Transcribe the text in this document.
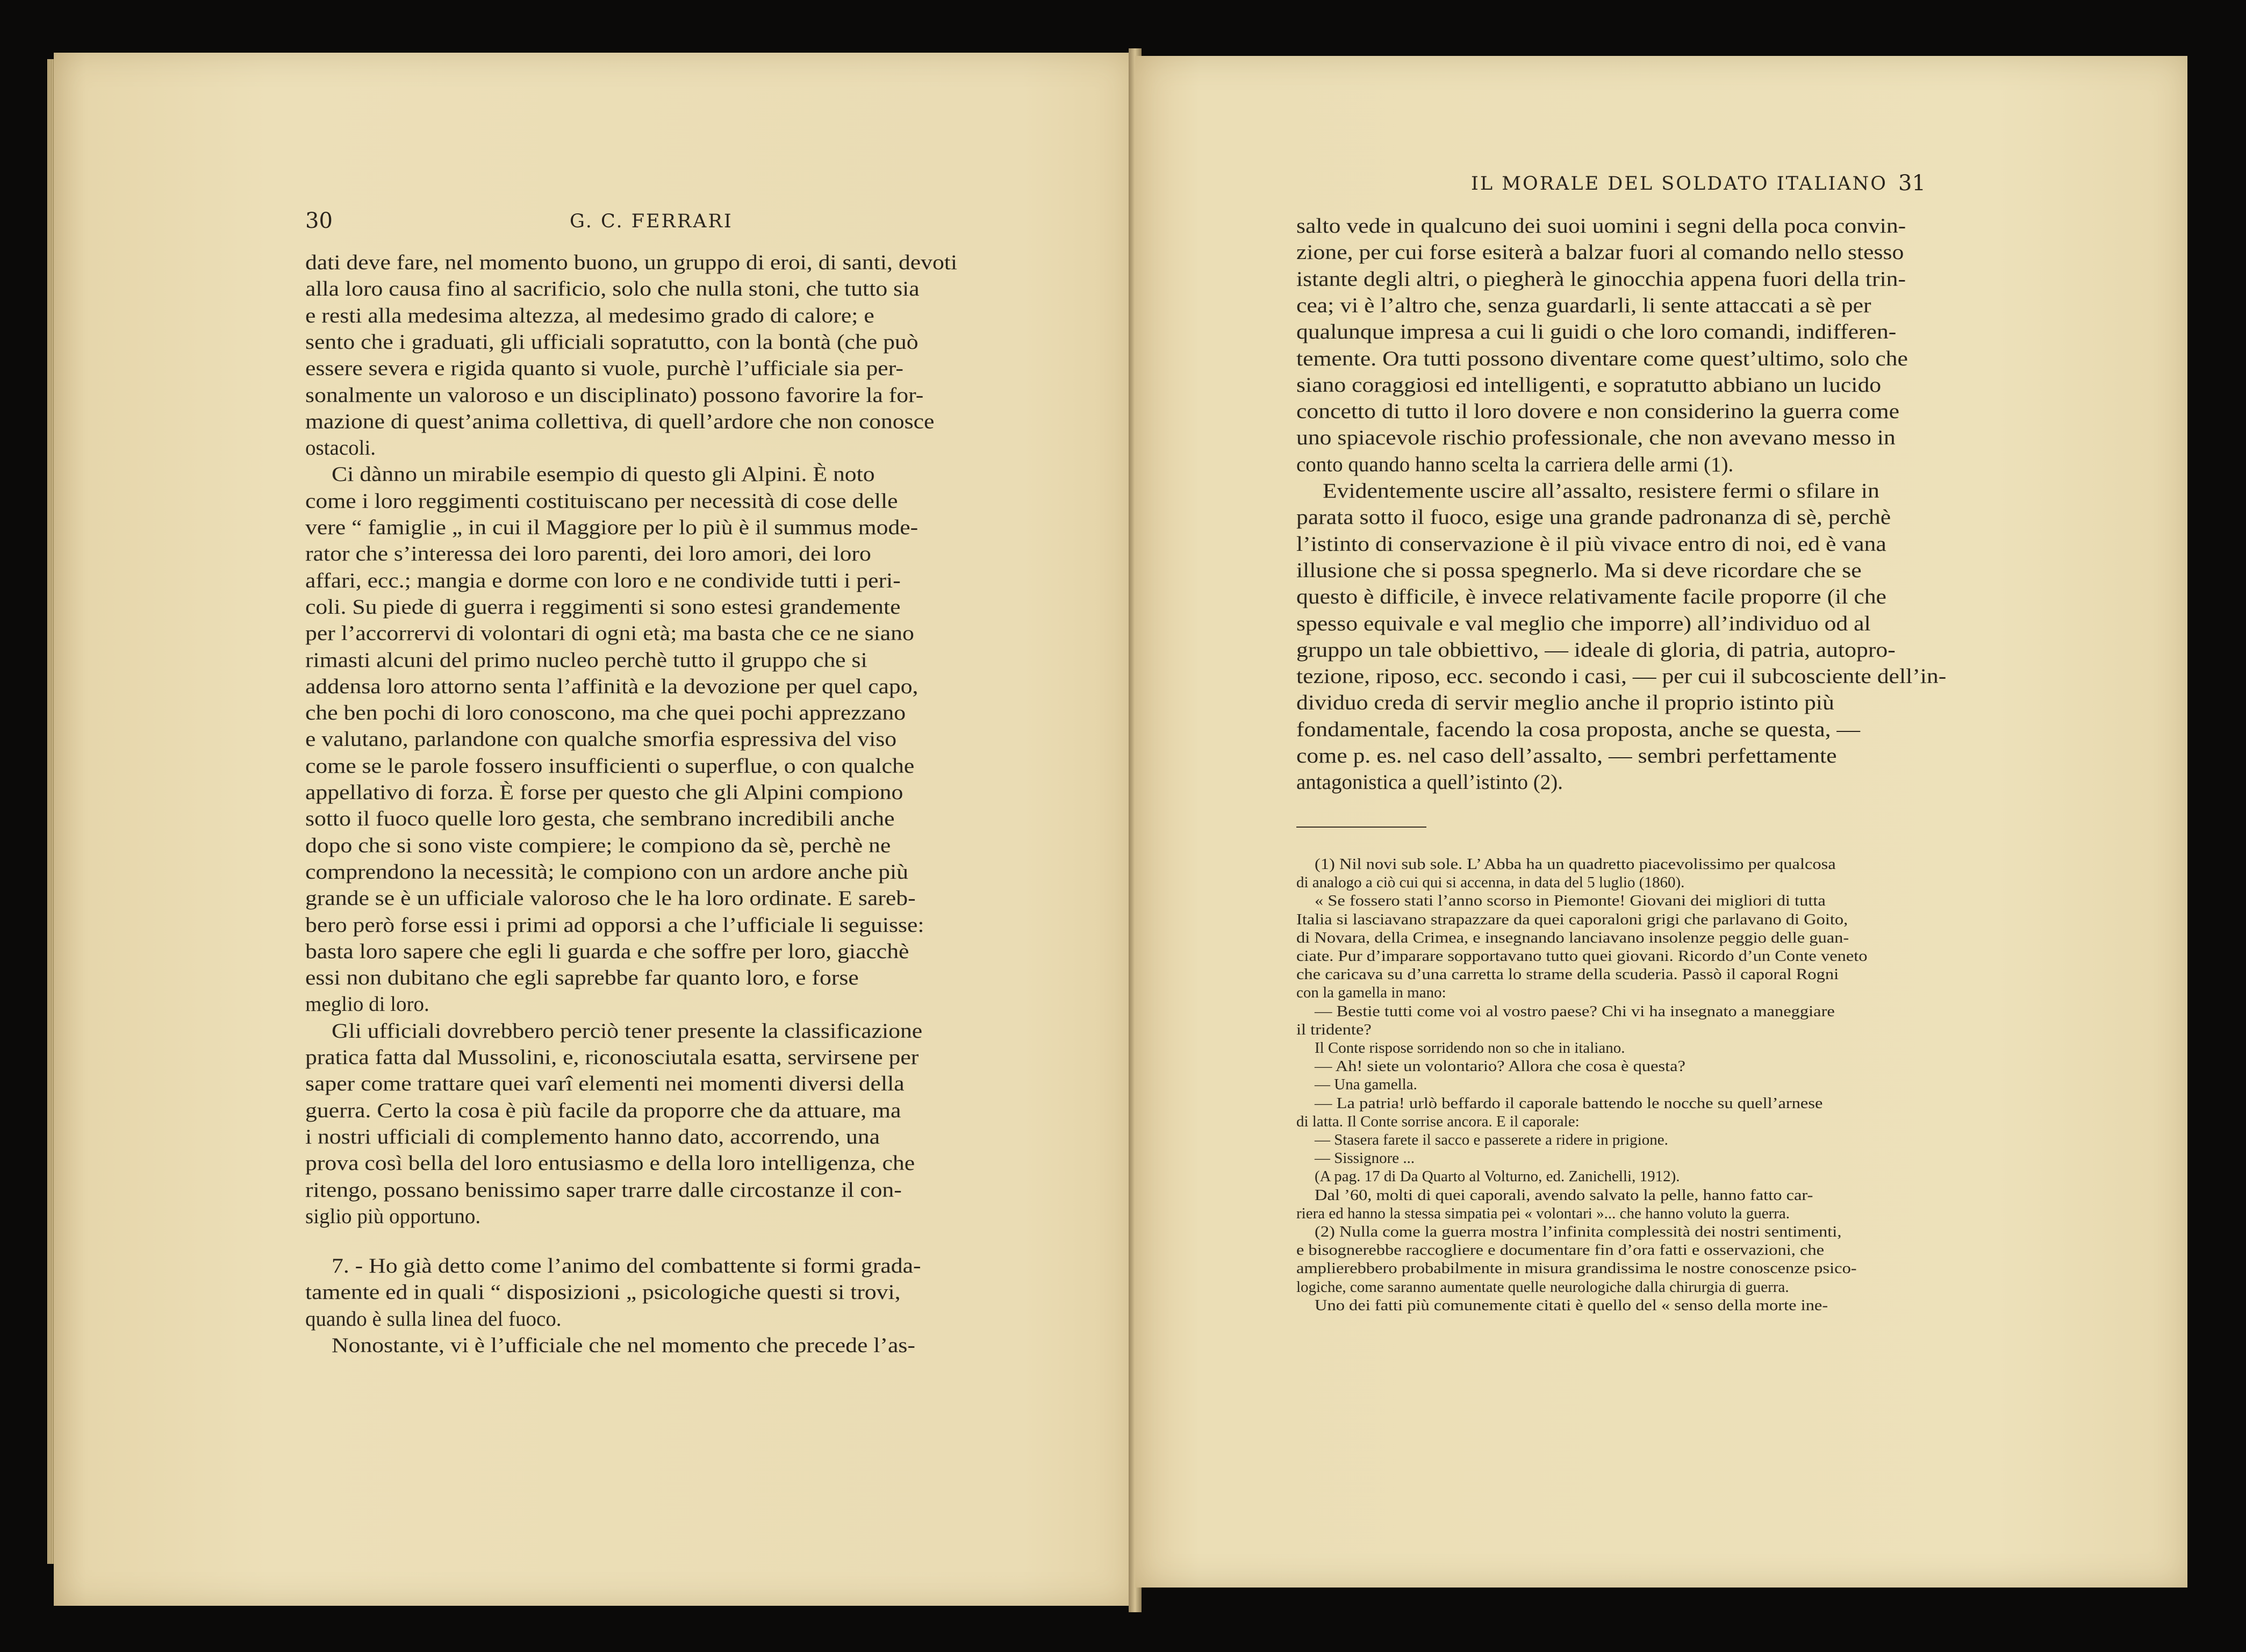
30	G. C. FERRARI
dati deve fare, nel momento buono, un gruppo di eroi, di santi, devoti
alla loro causa fino al sacrificio, solo che nulla stoni, che tutto sia
e resti alla medesima altezza, al medesimo grado di calore; e
sento che i graduati, gli ufficiali sopratutto, con la bontà (che può
essere severa e rigida quanto si vuole, purchè l’ufficiale sia per-
sonalmente un valoroso e un disciplinato) possono favorire la for-
mazione di quest’anima collettiva, di quell’ardore che non conosce
ostacoli.
Ci dànno un mirabile esempio di questo gli Alpini. È noto
come i loro reggimenti costituiscano per necessità di cose delle
vere “ famiglie „ in cui il Maggiore per lo più è il summus mode-
rator che s’interessa dei loro parenti, dei loro amori, dei loro
affari, ecc.; mangia e dorme con loro e ne condivide tutti i peri-
coli. Su piede di guerra i reggimenti si sono estesi grandemente
per l’accorrervi di volontari di ogni età; ma basta che ce ne siano
rimasti alcuni del primo nucleo perchè tutto il gruppo che si
addensa loro attorno senta l’affinità e la devozione per quel capo,
che ben pochi di loro conoscono, ma che quei pochi apprezzano
e valutano, parlandone con qualche smorfia espressiva del viso
come se le parole fossero insufficienti o superflue, o con qualche
appellativo di forza. È forse per questo che gli Alpini compiono
sotto il fuoco quelle loro gesta, che sembrano incredibili anche
dopo che si sono viste compiere; le compiono da sè, perchè ne
comprendono la necessità; le compiono con un ardore anche più
grande se è un ufficiale valoroso che le ha loro ordinate. E sareb-
bero però forse essi i primi ad opporsi a che l’ufficiale li seguisse:
basta loro sapere che egli li guarda e che soffre per loro, giacchè
essi non dubitano che egli saprebbe far quanto loro, e forse
meglio di loro.
Gli ufficiali dovrebbero perciò tener presente la classificazione
pratica fatta dal Mussolini, e, riconosciutala esatta, servirsene per
saper come trattare quei varî elementi nei momenti diversi della
guerra. Certo la cosa è più facile da proporre che da attuare, ma
i nostri ufficiali di complemento hanno dato, accorrendo, una
prova così bella del loro entusiasmo e della loro intelligenza, che
ritengo, possano benissimo saper trarre dalle circostanze il con-
siglio più opportuno.
7. - Ho già detto come l’animo del combattente si formi grada-
tamente ed in quali “ disposizioni „ psicologiche questi si trovi,
quando è sulla linea del fuoco.
Nonostante, vi è l’ufficiale che nel momento che precede l’as-
IL MORALE DEL SOLDATO ITALIANO 31
salto vede in qualcuno dei suoi uomini i segni della poca convin-
zione, per cui forse esiterà a balzar fuori al comando nello stesso
istante degli altri, o piegherà le ginocchia appena fuori della trin-
cea; vi è l’altro che, senza guardarli, li sente attaccati a sè per
qualunque impresa a cui li guidi o che loro comandi, indifferen-
temente. Ora tutti possono diventare come quest’ultimo, solo che
siano coraggiosi ed intelligenti, e sopratutto abbiano un lucido
concetto di tutto il loro dovere e non considerino la guerra come
uno spiacevole rischio professionale, che non avevano messo in
conto quando hanno scelta la carriera delle armi (1).
Evidentemente uscire all’assalto, resistere fermi o sfilare in
parata sotto il fuoco, esige una grande padronanza di sè, perchè
l’istinto di conservazione è il più vivace entro di noi, ed è vana
illusione che si possa spegnerlo. Ma si deve ricordare che se
questo è difficile, è invece relativamente facile proporre (il che
spesso equivale e val meglio che imporre) all’individuo od al
gruppo un tale obbiettivo, — ideale di gloria, di patria, autopro-
tezione, riposo, ecc. secondo i casi, — per cui il subcosciente dell’in-
dividuo creda di servir meglio anche il proprio istinto più
fondamentale, facendo la cosa proposta, anche se questa, —
come p. es. nel caso dell’assalto, — sembri perfettamente
antagonistica a quell’istinto (2).
(1) Nil novi sub sole. L’ Abba ha un quadretto piacevolissimo per qualcosa
di analogo a ciò cui qui si accenna, in data del 5 luglio (1860).
« Se fossero stati l’anno scorso in Piemonte! Giovani dei migliori di tutta
Italia si lasciavano strapazzare da quei caporaloni grigi che parlavano di Goito,
di Novara, della Crimea, e insegnando lanciavano insolenze peggio delle guan-
ciate. Pur d’imparare sopportavano tutto quei giovani. Ricordo d’un Conte veneto
che caricava su d’una carretta lo strame della scuderia. Passò il caporal Rogni
con la gamella in mano:
— Bestie tutti come voi al vostro paese? Chi vi ha insegnato a maneggiare
il tridente?
Il Conte rispose sorridendo non so che in italiano.
— Ah! siete un volontario? Allora che cosa è questa?
— Una gamella.
— La patria! urlò beffardo il caporale battendo le nocche su quell’arnese
di latta. Il Conte sorrise ancora. E il caporale:
— Stasera farete il sacco e passerete a ridere in prigione.
— Sissignore ...
(A pag. 17 di Da Quarto al Volturno, ed. Zanichelli, 1912).
Dal ’60, molti di quei caporali, avendo salvato la pelle, hanno fatto car-
riera ed hanno la stessa simpatia pei « volontari »... che hanno voluto la guerra.
(2) Nulla come la guerra mostra l’infinita complessità dei nostri sentimenti,
e bisognerebbe raccogliere e documentare fin d’ora fatti e osservazioni, che
amplierebbero probabilmente in misura grandissima le nostre conoscenze psico-
logiche, come saranno aumentate quelle neurologiche dalla chirurgia di guerra.
Uno dei fatti più comunemente citati è quello del « senso della morte ine-
